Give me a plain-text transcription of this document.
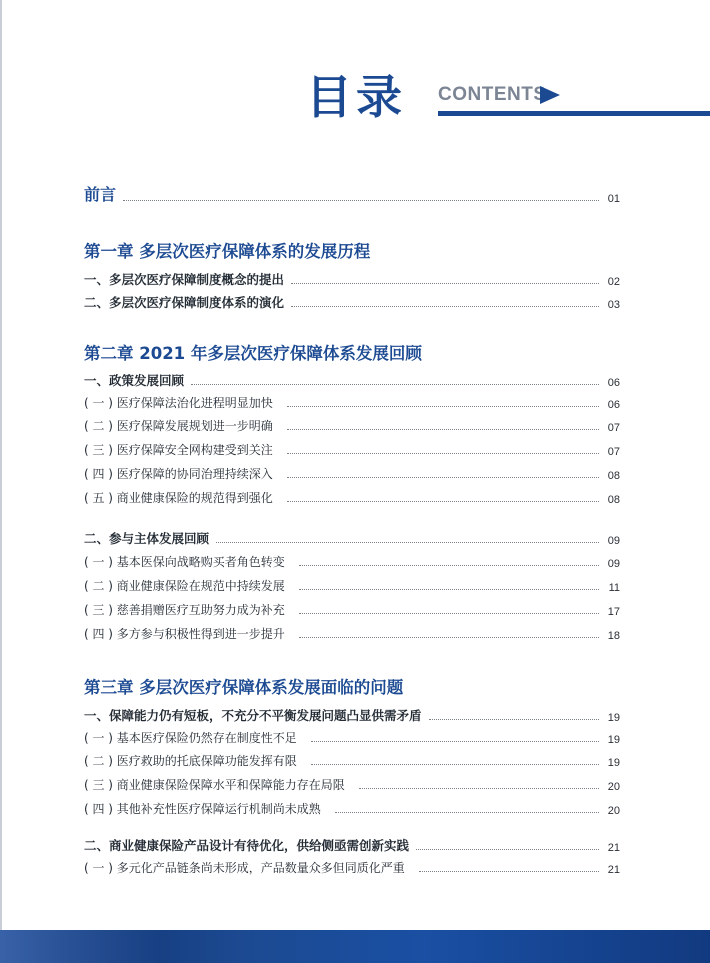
目录 CONTENTS
前言	01
第一章 多层次医疗保障体系的发展历程
一、多层次医疗保障制度概念的提出	02
二、多层次医疗保障制度体系的演化	03
第二章 2021 年多层次医疗保障体系发展回顾
一、政策发展回顾	06
( 一 ) 医疗保障法治化进程明显加快	06
( 二 ) 医疗保障发展规划进一步明确	07
( 三 ) 医疗保障安全网构建受到关注	07
( 四 ) 医疗保障的协同治理持续深入	08
( 五 ) 商业健康保险的规范得到强化	08
二、参与主体发展回顾	09
( 一 ) 基本医保向战略购买者角色转变	09
( 二 ) 商业健康保险在规范中持续发展	11
( 三 ) 慈善捐赠医疗互助努力成为补充	17
( 四 ) 多方参与积极性得到进一步提升	18
第三章 多层次医疗保障体系发展面临的问题
一、保障能力仍有短板，不充分不平衡发展问题凸显供需矛盾	19
( 一 ) 基本医疗保险仍然存在制度性不足	19
( 二 ) 医疗救助的托底保障功能发挥有限	19
( 三 ) 商业健康保险保障水平和保障能力存在局限	20
( 四 ) 其他补充性医疗保障运行机制尚未成熟	20
二、商业健康保险产品设计有待优化，供给侧亟需创新实践	21
( 一 ) 多元化产品链条尚未形成，产品数量众多但同质化严重	21
